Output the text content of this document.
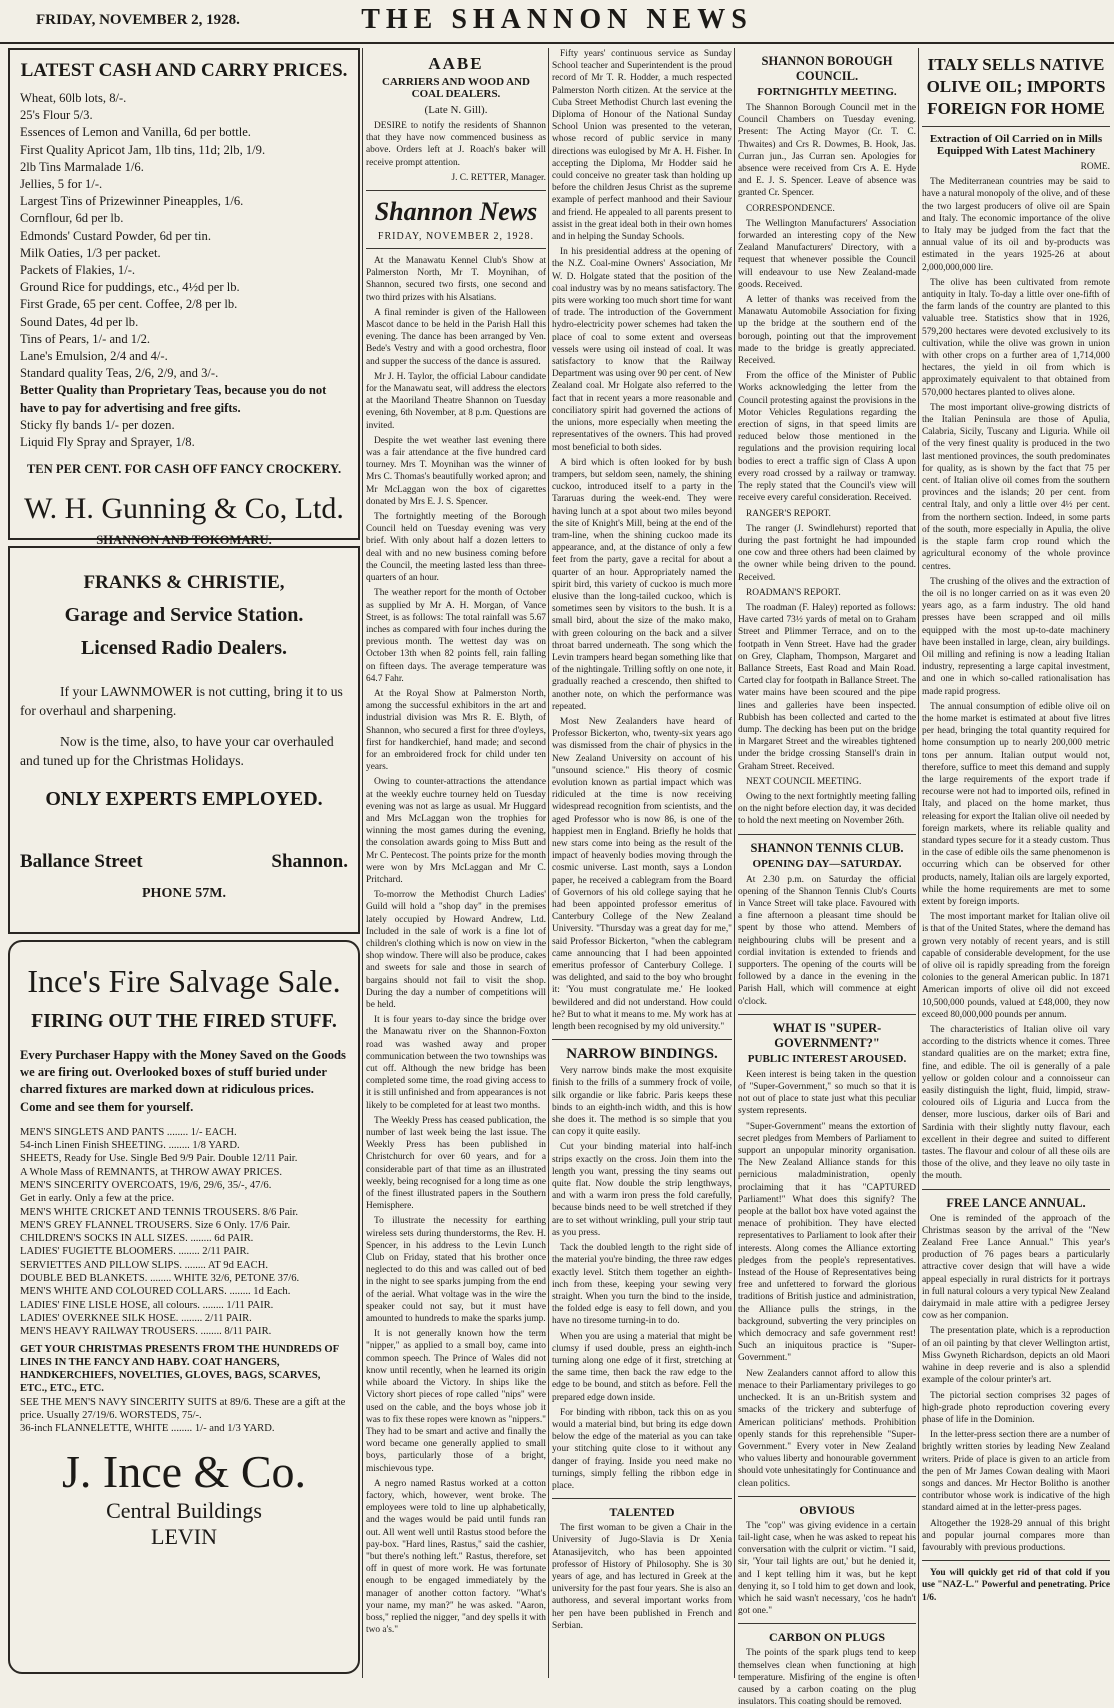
FRIDAY, NOVEMBER 2, 1928.	THE SHANNON NEWS
LATEST CASH AND CARRY PRICES.

Wheat, 60lb lots, 8/-.

25's Flour 5/3.

Essences of Lemon and Vanilla, 6d per bottle.

First Quality Apricot Jam, 1lb tins, 11d; 2lb, 1/9.

2lb Tins Marmalade 1/6.

Jellies, 5 for 1/-.

Largest Tins of Prizewinner Pineapples, 1/6.

Cornflour, 6d per lb.

Edmonds' Custard Powder, 6d per tin.

Milk Oaties, 1/3 per packet.

Packets of Flakies, 1/-.

Ground Rice for puddings, etc., 4½d per lb.

First Grade, 65 per cent. Coffee, 2/8 per lb.

Sound Dates, 4d per lb.

Tins of Pears, 1/- and 1/2.

Lane's Emulsion, 2/4 and 4/-.

Standard quality Teas, 2/6, 2/9, and 3/-.

Better Quality than Proprietary Teas, because you do not have to pay for advertising and free gifts.

Sticky fly bands 1/- per dozen.

Liquid Fly Spray and Sprayer, 1/8.

TEN PER CENT. FOR CASH OFF FANCY CROCKERY.

W. H. Gunning & Co, Ltd.

SHANNON AND TOKOMARU.

FRANKS & CHRISTIE,
Garage and Service Station.
Licensed Radio Dealers.

If your LAWNMOWER is not cutting, bring it to us for overhaul and sharpening.

Now is the time, also, to have your car overhauled and tuned up for the Christmas Holidays.

ONLY EXPERTS EMPLOYED.
Ballance Street	Shannon.

PHONE 57M.

Ince's Fire Salvage Sale.
FIRING OUT THE FIRED STUFF.

Every Purchaser Happy with the Money Saved on the Goods we are firing out. Overlooked boxes of stuff buried under charred fixtures are marked down at ridiculous prices. Come and see them for yourself.

MEN'S SINGLETS AND PANTS ........ 1/- EACH.

54-inch Linen Finish SHEETING. ........ 1/8 YARD.

SHEETS, Ready for Use. Single Bed 9/9 Pair. Double 12/11 Pair.

A Whole Mass of REMNANTS, at THROW AWAY PRICES.

MEN'S SINCERITY OVERCOATS, 19/6, 29/6, 35/-, 47/6.

Get in early. Only a few at the price.

MEN'S WHITE CRICKET AND TENNIS TROUSERS. 8/6 Pair.

MEN'S GREY FLANNEL TROUSERS. Size 6 Only. 17/6 Pair.

CHILDREN'S SOCKS IN ALL SIZES. ........ 6d PAIR.

LADIES' FUGIETTE BLOOMERS. ........ 2/11 PAIR.

SERVIETTES AND PILLOW SLIPS. ........ AT 9d EACH.

DOUBLE BED BLANKETS. ........ WHITE 32/6, PETONE 37/6.

MEN'S WHITE AND COLOURED COLLARS. ........ 1d Each.

LADIES' FINE LISLE HOSE, all colours. ........ 1/11 PAIR.

LADIES' OVERKNEE SILK HOSE. ........ 2/11 PAIR.

MEN'S HEAVY RAILWAY TROUSERS. ........ 8/11 PAIR.

GET YOUR CHRISTMAS PRESENTS FROM THE HUNDREDS OF LINES IN THE FANCY AND HABY. COAT HANGERS, HANDKERCHIEFS, NOVELTIES, GLOVES, BAGS, SCARVES, ETC., ETC., ETC.

SEE THE MEN'S NAVY SINCERITY SUITS at 89/6. These are a gift at the price. Usually 27/19/6. WORSTEDS, 75/-.

36-inch FLANNELETTE, WHITE ........ 1/- and 1/3 YARD.

J. Ince & Co.
Central Buildings
LEVIN
AABE
CARRIERS AND WOOD AND COAL DEALERS.
(Late N. Gill).

DESIRE to notify the residents of Shannon that they have now commenced business as above. Orders left at J. Roach's baker will receive prompt attention.

J. C. RETTER, Manager.

Shannon News
FRIDAY, NOVEMBER 2, 1928.

At the Manawatu Kennel Club's Show at Palmerston North, Mr T. Moynihan, of Shannon, secured two firsts, one second and two third prizes with his Alsatians.

A final reminder is given of the Halloween Mascot dance to be held in the Parish Hall this evening. The dance has been arranged by Ven. Bede's Vestry and with a good orchestra, floor and supper the success of the dance is assured.

Mr J. H. Taylor, the official Labour candidate for the Manawatu seat, will address the electors at the Maoriland Theatre Shannon on Tuesday evening, 6th November, at 8 p.m. Questions are invited.

Despite the wet weather last evening there was a fair attendance at the five hundred card tourney. Mrs T. Moynihan was the winner of Mrs C. Thomas's beautifully worked apron; and Mr McLaggan won the box of cigarettes donated by Mrs E. J. S. Spencer.

The fortnightly meeting of the Borough Council held on Tuesday evening was very brief. With only about half a dozen letters to deal with and no new business coming before the Council, the meeting lasted less than three-quarters of an hour.

The weather report for the month of October as supplied by Mr A. H. Morgan, of Vance Street, is as follows: The total rainfall was 5.67 inches as compared with four inches during the previous month. The wettest day was on October 13th when 82 points fell, rain falling on fifteen days. The average temperature was 64.7 Fahr.

At the Royal Show at Palmerston North, among the successful exhibitors in the art and industrial division was Mrs R. E. Blyth, of Shannon, who secured a first for three d'oyleys, first for handkerchief, hand made; and second for an embroidered frock for child under ten years.

Owing to counter-attractions the attendance at the weekly euchre tourney held on Tuesday evening was not as large as usual. Mr Huggard and Mrs McLaggan won the trophies for winning the most games during the evening, the consolation awards going to Miss Butt and Mr C. Pentecost. The points prize for the month were won by Mrs McLaggan and Mr C. Pritchard.

To-morrow the Methodist Church Ladies' Guild will hold a "shop day" in the premises lately occupied by Howard Andrew, Ltd. Included in the sale of work is a fine lot of children's clothing which is now on view in the shop window. There will also be produce, cakes and sweets for sale and those in search of bargains should not fail to visit the shop. During the day a number of competitions will be held.

It is four years to-day since the bridge over the Manawatu river on the Shannon-Foxton road was washed away and proper communication between the two townships was cut off. Although the new bridge has been completed some time, the road giving access to it is still unfinished and from appearances is not likely to be completed for at least two months.

The Weekly Press has ceased publication, the number of last week being the last issue. The Weekly Press has been published in Christchurch for over 60 years, and for a considerable part of that time as an illustrated weekly, being recognised for a long time as one of the finest illustrated papers in the Southern Hemisphere.

To illustrate the necessity for earthing wireless sets during thunderstorms, the Rev. H. Spencer, in his address to the Levin Lunch Club on Friday, stated that his brother once neglected to do this and was called out of bed in the night to see sparks jumping from the end of the aerial. What voltage was in the wire the speaker could not say, but it must have amounted to hundreds to make the sparks jump.

It is not generally known how the term "nipper," as applied to a small boy, came into common speech. The Prince of Wales did not know until recently, when he learned its origin while aboard the Victory. In ships like the Victory short pieces of rope called "nips" were used on the cable, and the boys whose job it was to fix these ropes were known as "nippers." They had to be smart and active and finally the word became one generally applied to small boys, particularly those of a bright, mischievous type.

A negro named Rastus worked at a cotton factory, which, however, went broke. The employees were told to line up alphabetically, and the wages would be paid until funds ran out. All went well until Rastus stood before the pay-box. "Hard lines, Rastus," said the cashier, "but there's nothing left." Rastus, therefore, set off in quest of more work. He was fortunate enough to be engaged immediately by the manager of another cotton factory. "What's your name, my man?" he was asked. "Aaron, boss," replied the nigger, "and dey spells it with two a's."

Fifty years' continuous service as Sunday School teacher and Superintendent is the proud record of Mr T. R. Hodder, a much respected Palmerston North citizen. At the service at the Cuba Street Methodist Church last evening the Diploma of Honour of the National Sunday School Union was presented to the veteran, whose record of public service in many directions was eulogised by Mr A. H. Fisher. In accepting the Diploma, Mr Hodder said he could conceive no greater task than holding up before the children Jesus Christ as the supreme example of perfect manhood and their Saviour and friend. He appealed to all parents present to assist in the great ideal both in their own homes and in helping the Sunday Schools.

In his presidential address at the opening of the N.Z. Coal-mine Owners' Association, Mr W. D. Holgate stated that the position of the coal industry was by no means satisfactory. The pits were working too much short time for want of trade. The introduction of the Government hydro-electricity power schemes had taken the place of coal to some extent and overseas vessels were using oil instead of coal. It was satisfactory to know that the Railway Department was using over 90 per cent. of New Zealand coal. Mr Holgate also referred to the fact that in recent years a more reasonable and conciliatory spirit had governed the actions of the unions, more especially when meeting the representatives of the owners. This had proved most beneficial to both sides.

A bird which is often looked for by bush trampers, but seldom seen, namely, the shining cuckoo, introduced itself to a party in the Tararuas during the week-end. They were having lunch at a spot about two miles beyond the site of Knight's Mill, being at the end of the tram-line, when the shining cuckoo made its appearance, and, at the distance of only a few feet from the party, gave a recital for about a quarter of an hour. Appropriately named the spirit bird, this variety of cuckoo is much more elusive than the long-tailed cuckoo, which is sometimes seen by visitors to the bush. It is a small bird, about the size of the mako mako, with green colouring on the back and a silver throat barred underneath. The song which the Levin trampers heard began something like that of the nightingale. Trilling softly on one note, it gradually reached a crescendo, then shifted to another note, on which the performance was repeated.

Most New Zealanders have heard of Professor Bickerton, who, twenty-six years ago was dismissed from the chair of physics in the New Zealand University on account of his "unsound science." His theory of cosmic evolution known as partial impact which was ridiculed at the time is now receiving widespread recognition from scientists, and the aged Professor who is now 86, is one of the happiest men in England. Briefly he holds that new stars come into being as the result of the impact of heavenly bodies moving through the cosmic universe. Last month, says a London paper, he received a cablegram from the Board of Governors of his old college saying that he had been appointed professor emeritus of Canterbury College of the New Zealand University. "Thursday was a great day for me," said Professor Bickerton, "when the cablegram came announcing that I had been appointed emeritus professor of Canterbury College. I was delighted, and said to the boy who brought it: 'You must congratulate me.' He looked bewildered and did not understand. How could he? But to what it means to me. My work has at length been recognised by my old university."

NARROW BINDINGS.

Very narrow binds make the most exquisite finish to the frills of a summery frock of voile, silk organdie or like fabric. Paris keeps these binds to an eighth-inch width, and this is how she does it. The method is so simple that you can copy it quite easily.

Cut your binding material into half-inch strips exactly on the cross. Join them into the length you want, pressing the tiny seams out quite flat. Now double the strip lengthways, and with a warm iron press the fold carefully, because binds need to be well stretched if they are to set without wrinkling, pull your strip taut as you press.

Tack the doubled length to the right side of the material you're binding, the three raw edges exactly level. Stitch them together an eighth-inch from these, keeping your sewing very straight. When you turn the bind to the inside, the folded edge is easy to fell down, and you have no tiresome turning-in to do.

When you are using a material that might be clumsy if used double, press an eighth-inch turning along one edge of it first, stretching at the same time, then back the raw edge to the edge to be bound, and stitch as before. Fell the prepared edge down inside.

For binding with ribbon, tack this on as you would a material bind, but bring its edge down below the edge of the material as you can take your stitching quite close to it without any danger of fraying. Inside you need make no turnings, simply felling the ribbon edge in place.

TALENTED

The first woman to be given a Chair in the University of Jugo-Slavia is Dr Xenia Atanasijevitch, who has been appointed professor of History of Philosophy. She is 30 years of age, and has lectured in Greek at the university for the past four years. She is also an authoress, and several important works from her pen have been published in French and Serbian.

SHANNON BOROUGH COUNCIL.
FORTNIGHTLY MEETING.

The Shannon Borough Council met in the Council Chambers on Tuesday evening. Present: The Acting Mayor (Cr. T. C. Thwaites) and Crs R. Dowmes, B. Hook, Jas. Curran jun., Jas Curran sen. Apologies for absence were received from Crs A. E. Hyde and E. J. S. Spencer. Leave of absence was granted Cr. Spencer.

CORRESPONDENCE.

The Wellington Manufacturers' Association forwarded an interesting copy of the New Zealand Manufacturers' Directory, with a request that whenever possible the Council will endeavour to use New Zealand-made goods. Received.

A letter of thanks was received from the Manawatu Automobile Association for fixing up the bridge at the southern end of the borough, pointing out that the improvement made to the bridge is greatly appreciated. Received.

From the office of the Minister of Public Works acknowledging the letter from the Council protesting against the provisions in the Motor Vehicles Regulations regarding the erection of signs, in that speed limits are reduced below those mentioned in the regulations and the provision requiring local bodies to erect a traffic sign of Class A upon every road crossed by a railway or tramway. The reply stated that the Council's view will receive every careful consideration. Received.

RANGER'S REPORT.

The ranger (J. Swindlehurst) reported that during the past fortnight he had impounded one cow and three others had been claimed by the owner while being driven to the pound. Received.

ROADMAN'S REPORT.

The roadman (F. Haley) reported as follows: Have carted 73½ yards of metal on to Graham Street and Plimmer Terrace, and on to the footpath in Venn Street. Have had the grader on Grey, Clapham, Thompson, Margaret and Ballance Streets, East Road and Main Road. Carted clay for footpath in Ballance Street. The water mains have been scoured and the pipe lines and galleries have been inspected. Rubbish has been collected and carted to the dump. The decking has been put on the bridge in Margaret Street and the wireables tightened under the bridge crossing Stansell's drain in Graham Street. Received.

NEXT COUNCIL MEETING.

Owing to the next fortnightly meeting falling on the night before election day, it was decided to hold the next meeting on November 26th.

SHANNON TENNIS CLUB.
OPENING DAY—SATURDAY.

At 2.30 p.m. on Saturday the official opening of the Shannon Tennis Club's Courts in Vance Street will take place. Favoured with a fine afternoon a pleasant time should be spent by those who attend. Members of neighbouring clubs will be present and a cordial invitation is extended to friends and supporters. The opening of the courts will be followed by a dance in the evening in the Parish Hall, which will commence at eight o'clock.

WHAT IS "SUPER-GOVERNMENT?"
PUBLIC INTEREST AROUSED.

Keen interest is being taken in the question of "Super-Government," so much so that it is not out of place to state just what this peculiar system represents.

"Super-Government" means the extortion of secret pledges from Members of Parliament to support an unpopular minority organisation. The New Zealand Alliance stands for this pernicious maladministration, openly proclaiming that it has "CAPTURED Parliament!" What does this signify? The people at the ballot box have voted against the menace of prohibition. They have elected representatives to Parliament to look after their interests. Along comes the Alliance extorting pledges from the people's representatives. Instead of the House of Representatives being free and unfettered to forward the glorious traditions of British justice and administration, the Alliance pulls the strings, in the background, subverting the very principles on which democracy and safe government rest! Such an iniquitous practice is "Super-Government."

New Zealanders cannot afford to allow this menace to their Parliamentary privileges to go unchecked. It is an un-British system and smacks of the trickery and subterfuge of American politicians' methods. Prohibition openly stands for this reprehensible "Super-Government." Every voter in New Zealand who values liberty and honourable government should vote unhesitatingly for Continuance and clean politics.

OBVIOUS

The "cop" was giving evidence in a certain tail-light case, when he was asked to repeat his conversation with the culprit or victim. "I said, sir, 'Your tail lights are out,' but he denied it, and I kept telling him it was, but he kept denying it, so I told him to get down and look, which he said wasn't necessary, 'cos he hadn't got one."

CARBON ON PLUGS

The points of the spark plugs tend to keep themselves clean when functioning at high temperature. Misfiring of the engine is often caused by a carbon coating on the plug insulators. This coating should be removed.

ITALY SELLS NATIVE OLIVE OIL; IMPORTS FOREIGN FOR HOME
Extraction of Oil Carried on in Mills Equipped With Latest Machinery

ROME.

The Mediterranean countries may be said to have a natural monopoly of the olive, and of these the two largest producers of olive oil are Spain and Italy. The economic importance of the olive to Italy may be judged from the fact that the annual value of its oil and by-products was estimated in the years 1925-26 at about 2,000,000,000 lire.

The olive has been cultivated from remote antiquity in Italy. To-day a little over one-fifth of the farm lands of the country are planted to this valuable tree. Statistics show that in 1926, 579,200 hectares were devoted exclusively to its cultivation, while the olive was grown in union with other crops on a further area of 1,714,000 hectares, the yield in oil from which is approximately equivalent to that obtained from 570,000 hectares planted to olives alone.

The most important olive-growing districts of the Italian Peninsula are those of Apulia, Calabria, Sicily, Tuscany and Liguria. While oil of the very finest quality is produced in the two last mentioned provinces, the south predominates for quality, as is shown by the fact that 75 per cent. of Italian olive oil comes from the southern provinces and the islands; 20 per cent. from central Italy, and only a little over 4½ per cent. from the northern section. Indeed, in some parts of the south, more especially in Apulia, the olive is the staple farm crop round which the agricultural economy of the whole province centres.

The crushing of the olives and the extraction of the oil is no longer carried on as it was even 20 years ago, as a farm industry. The old hand presses have been scrapped and oil mills equipped with the most up-to-date machinery have been installed in large, clean, airy buildings. Oil milling and refining is now a leading Italian industry, representing a large capital investment, and one in which so-called rationalisation has made rapid progress.

The annual consumption of edible olive oil on the home market is estimated at about five litres per head, bringing the total quantity required for home consumption up to nearly 200,000 metric tons per annum. Italian output would not, therefore, suffice to meet this demand and supply the large requirements of the export trade if recourse were not had to imported oils, refined in Italy, and placed on the home market, thus releasing for export the Italian olive oil needed by foreign markets, where its reliable quality and standard types secure for it a steady custom. Thus in the case of edible oils the same phenomenon is occurring which can be observed for other products, namely, Italian oils are largely exported, while the home requirements are met to some extent by foreign imports.

The most important market for Italian olive oil is that of the United States, where the demand has grown very notably of recent years, and is still capable of considerable development, for the use of olive oil is rapidly spreading from the foreign colonies to the general American public. In 1871 American imports of olive oil did not exceed 10,500,000 pounds, valued at £48,000, they now exceed 80,000,000 pounds per annum.

The characteristics of Italian olive oil vary according to the districts whence it comes. Three standard qualities are on the market; extra fine, fine, and edible. The oil is generally of a pale yellow or golden colour and a connoisseur can easily distinguish the light, fluid, limpid, straw-coloured oils of Liguria and Lucca from the denser, more luscious, darker oils of Bari and Sardinia with their slightly nutty flavour, each excellent in their degree and suited to different tastes. The flavour and colour of all these oils are those of the olive, and they leave no oily taste in the mouth.

FREE LANCE ANNUAL.

One is reminded of the approach of the Christmas season by the arrival of the "New Zealand Free Lance Annual." This year's production of 76 pages bears a particularly attractive cover design that will have a wide appeal especially in rural districts for it portrays in full natural colours a very typical New Zealand dairymaid in male attire with a pedigree Jersey cow as her companion.

The presentation plate, which is a reproduction of an oil painting by that clever Wellington artist, Miss Gwyneth Richardson, depicts an old Maori wahine in deep reverie and is also a splendid example of the colour printer's art.

The pictorial section comprises 32 pages of high-grade photo reproduction covering every phase of life in the Dominion.

In the letter-press section there are a number of brightly written stories by leading New Zealand writers. Pride of place is given to an article from the pen of Mr James Cowan dealing with Maori songs and dances. Mr Hector Bolitho is another contributor whose work is indicative of the high standard aimed at in the letter-press pages.

Altogether the 1928-29 annual of this bright and popular journal compares more than favourably with previous productions.

You will quickly get rid of that cold if you use "NAZ-L." Powerful and penetrating. Price 1/6.
